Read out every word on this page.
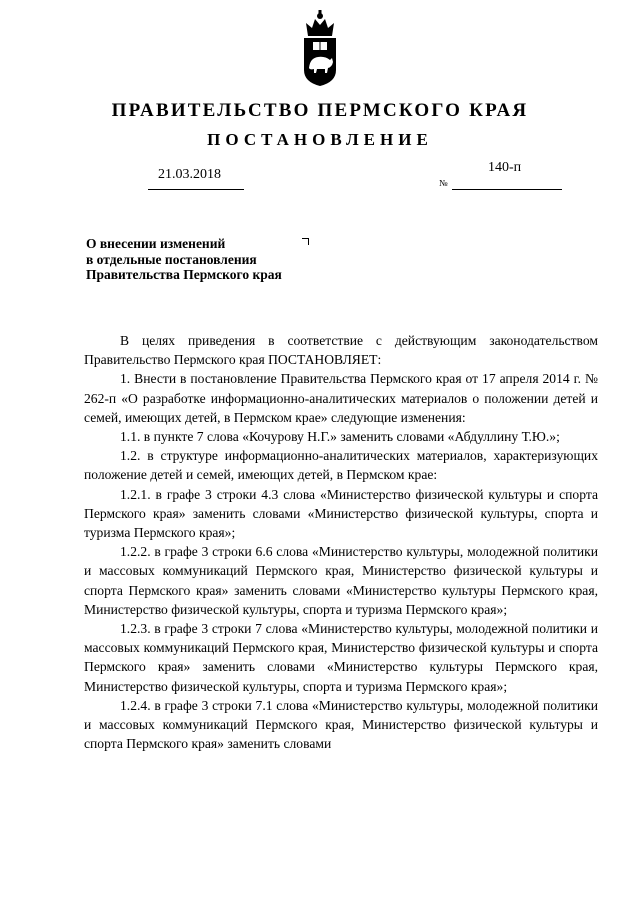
ПРАВИТЕЛЬСТВО ПЕРМСКОГО КРАЯ
ПОСТАНОВЛЕНИЕ
21.03.2018	140-п
№
О внесении изменений
в отдельные постановления
Правительства Пермского края

В целях приведения в соответствие с действующим законодательством Правительство Пермского края ПОСТАНОВЛЯЕТ:

1. Внести в постановление Правительства Пермского края от 17 апреля 2014 г. № 262-п «О разработке информационно-аналитических материалов о положении детей и семей, имеющих детей, в Пермском крае» следующие изменения:

1.1. в пункте 7 слова «Кочурову Н.Г.» заменить словами «Абдуллину Т.Ю.»;

1.2. в структуре информационно-аналитических материалов, характеризующих положение детей и семей, имеющих детей, в Пермском крае:

1.2.1. в графе 3 строки 4.3 слова «Министерство физической культуры и спорта Пермского края» заменить словами «Министерство физической культуры, спорта и туризма Пермского края»;

1.2.2. в графе 3 строки 6.6 слова «Министерство культуры, молодежной политики и массовых коммуникаций Пермского края, Министерство физической культуры и спорта Пермского края» заменить словами «Министерство культуры Пермского края, Министерство физической культуры, спорта и туризма Пермского края»;

1.2.3. в графе 3 строки 7 слова «Министерство культуры, молодежной политики и массовых коммуникаций Пермского края, Министерство физической культуры и спорта Пермского края» заменить словами «Министерство культуры Пермского края, Министерство физической культуры, спорта и туризма Пермского края»;

1.2.4. в графе 3 строки 7.1 слова «Министерство культуры, молодежной политики и массовых коммуникаций Пермского края, Министерство физической культуры и спорта Пермского края» заменить словами
